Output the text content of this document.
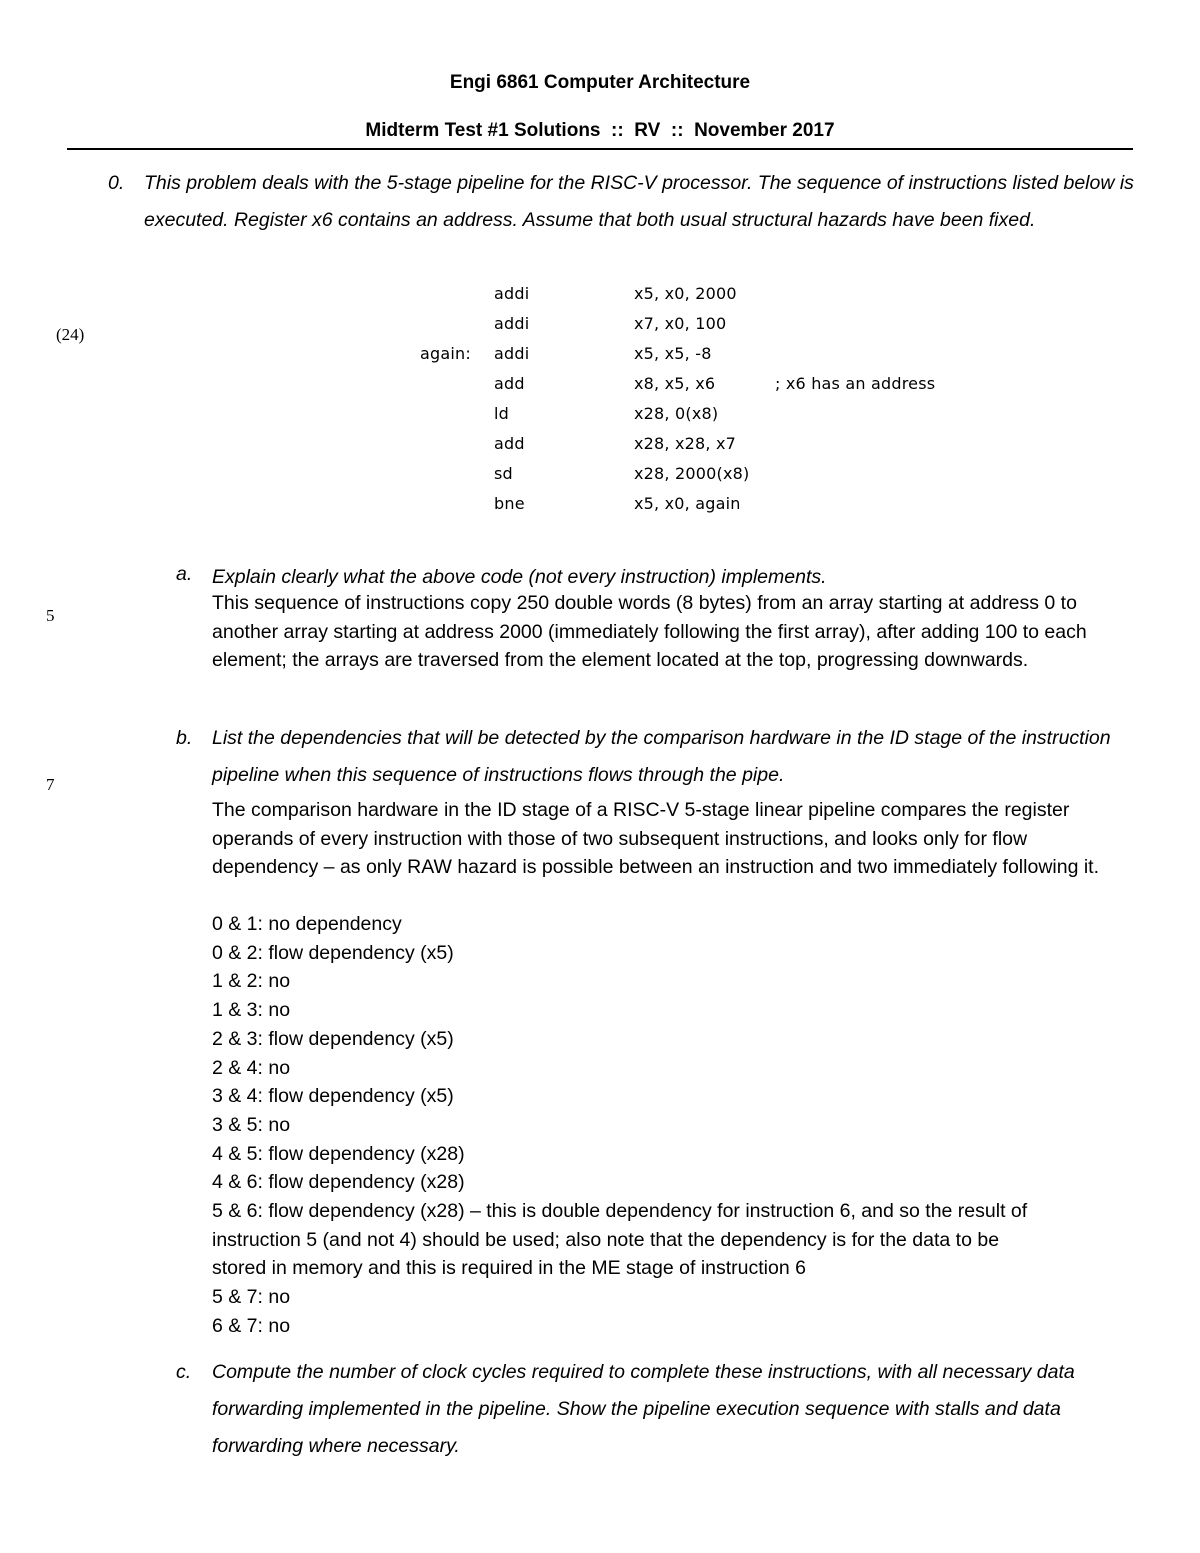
Engi 6861 Computer Architecture
Midterm Test #1 Solutions  ::  RV  ::  November 2017
0. This problem deals with the 5-stage pipeline for the RISC-V processor. The sequence of instructions listed below is executed. Register x6 contains an address. Assume that both usual structural hazards have been fixed.
(24)
addi	x5, x0, 2000
addi	x7, x0, 100
again: addi	x5, x5, -8
add	x8, x5, x6	; x6 has an address
ld	x28, 0(x8)
add	x28, x28, x7
sd	x28, 2000(x8)
bne	x5, x0, again
5
a. Explain clearly what the above code (not every instruction) implements.
This sequence of instructions copy 250 double words (8 bytes) from an array starting at address 0 to another array starting at address 2000 (immediately following the first array), after adding 100 to each element; the arrays are traversed from the element located at the top, progressing downwards.
7
b. List the dependencies that will be detected by the comparison hardware in the ID stage of the instruction pipeline when this sequence of instructions flows through the pipe.
The comparison hardware in the ID stage of a RISC-V 5-stage linear pipeline compares the register operands of every instruction with those of two subsequent instructions, and looks only for flow dependency – as only RAW hazard is possible between an instruction and two immediately following it.
0 & 1: no dependency
0 & 2: flow dependency (x5)
1 & 2: no
1 & 3: no
2 & 3: flow dependency (x5)
2 & 4: no
3 & 4: flow dependency (x5)
3 & 5: no
4 & 5: flow dependency (x28)
4 & 6: flow dependency (x28)
5 & 6: flow dependency (x28) – this is double dependency for instruction 6, and so the result of
instruction 5 (and not 4) should be used; also note that the dependency is for the data to be
stored in memory and this is required in the ME stage of instruction 6
5 & 7: no
6 & 7: no
c. Compute the number of clock cycles required to complete these instructions, with all necessary data forwarding implemented in the pipeline. Show the pipeline execution sequence with stalls and data forwarding where necessary.
